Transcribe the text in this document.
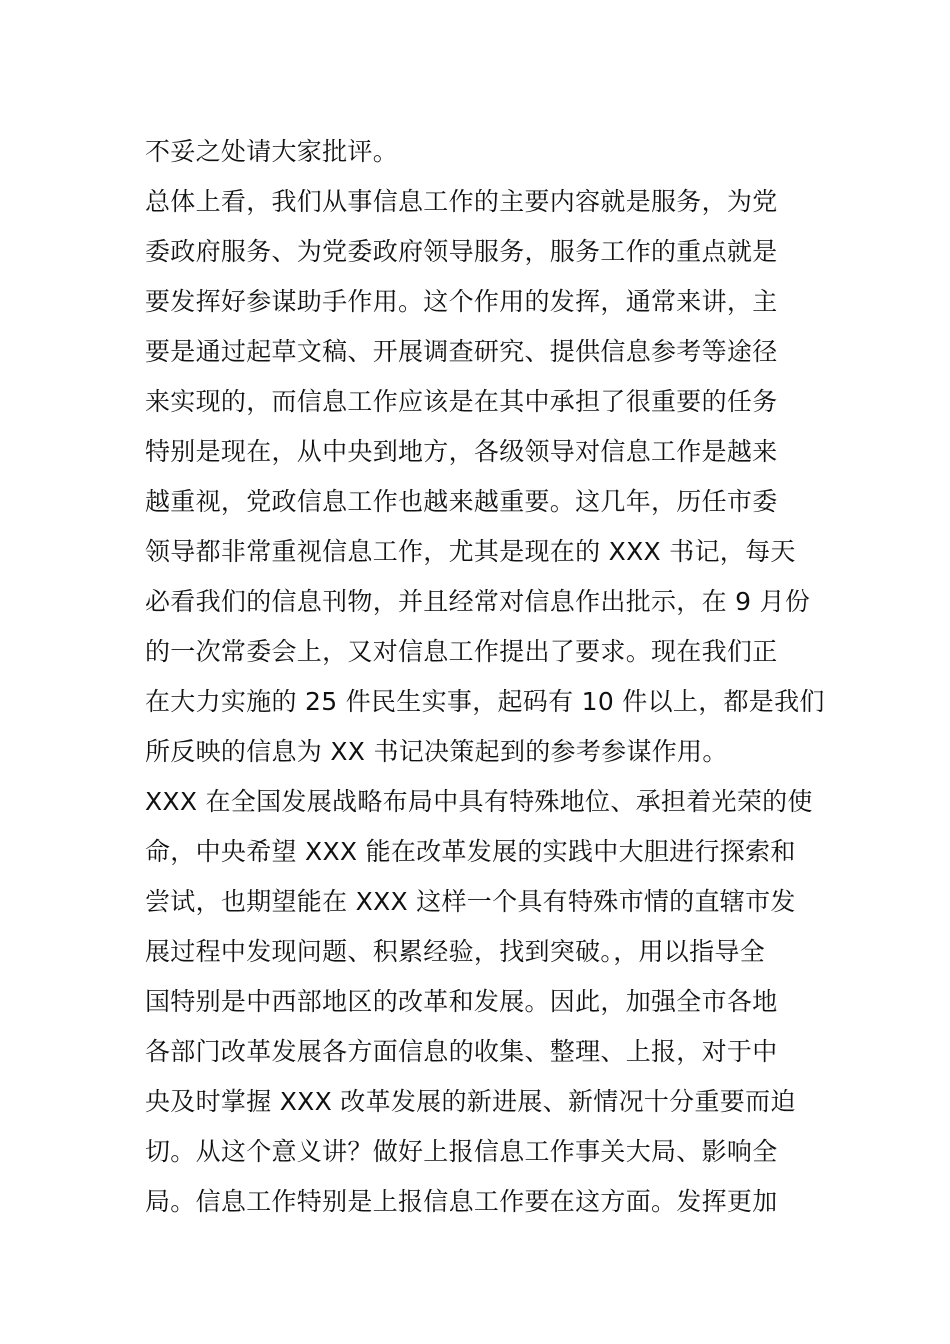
不妥之处请大家批评。
总体上看，我们从事信息工作的主要内容就是服务，为党
委政府服务、为党委政府领导服务，服务工作的重点就是
要发挥好参谋助手作用。这个作用的发挥，通常来讲，主
要是通过起草文稿、开展调查研究、提供信息参考等途径
来实现的，而信息工作应该是在其中承担了很重要的任务
特别是现在，从中央到地方，各级领导对信息工作是越来
越重视，党政信息工作也越来越重要。这几年，历任市委
领导都非常重视信息工作，尤其是现在的 XXX 书记，每天
必看我们的信息刊物，并且经常对信息作出批示，在 9 月份
的一次常委会上，又对信息工作提出了要求。现在我们正
在大力实施的 25 件民生实事，起码有 10 件以上，都是我们
所反映的信息为 XX 书记决策起到的参考参谋作用。
XXX 在全国发展战略布局中具有特殊地位、承担着光荣的使
命，中央希望 XXX 能在改革发展的实践中大胆进行探索和
尝试，也期望能在 XXX 这样一个具有特殊市情的直辖市发
展过程中发现问题、积累经验，找到突破。，用以指导全
国特别是中西部地区的改革和发展。因此，加强全市各地
各部门改革发展各方面信息的收集、整理、上报，对于中
央及时掌握 XXX 改革发展的新进展、新情况十分重要而迫
切。从这个意义讲？做好上报信息工作事关大局、影响全
局。信息工作特别是上报信息工作要在这方面。发挥更加
